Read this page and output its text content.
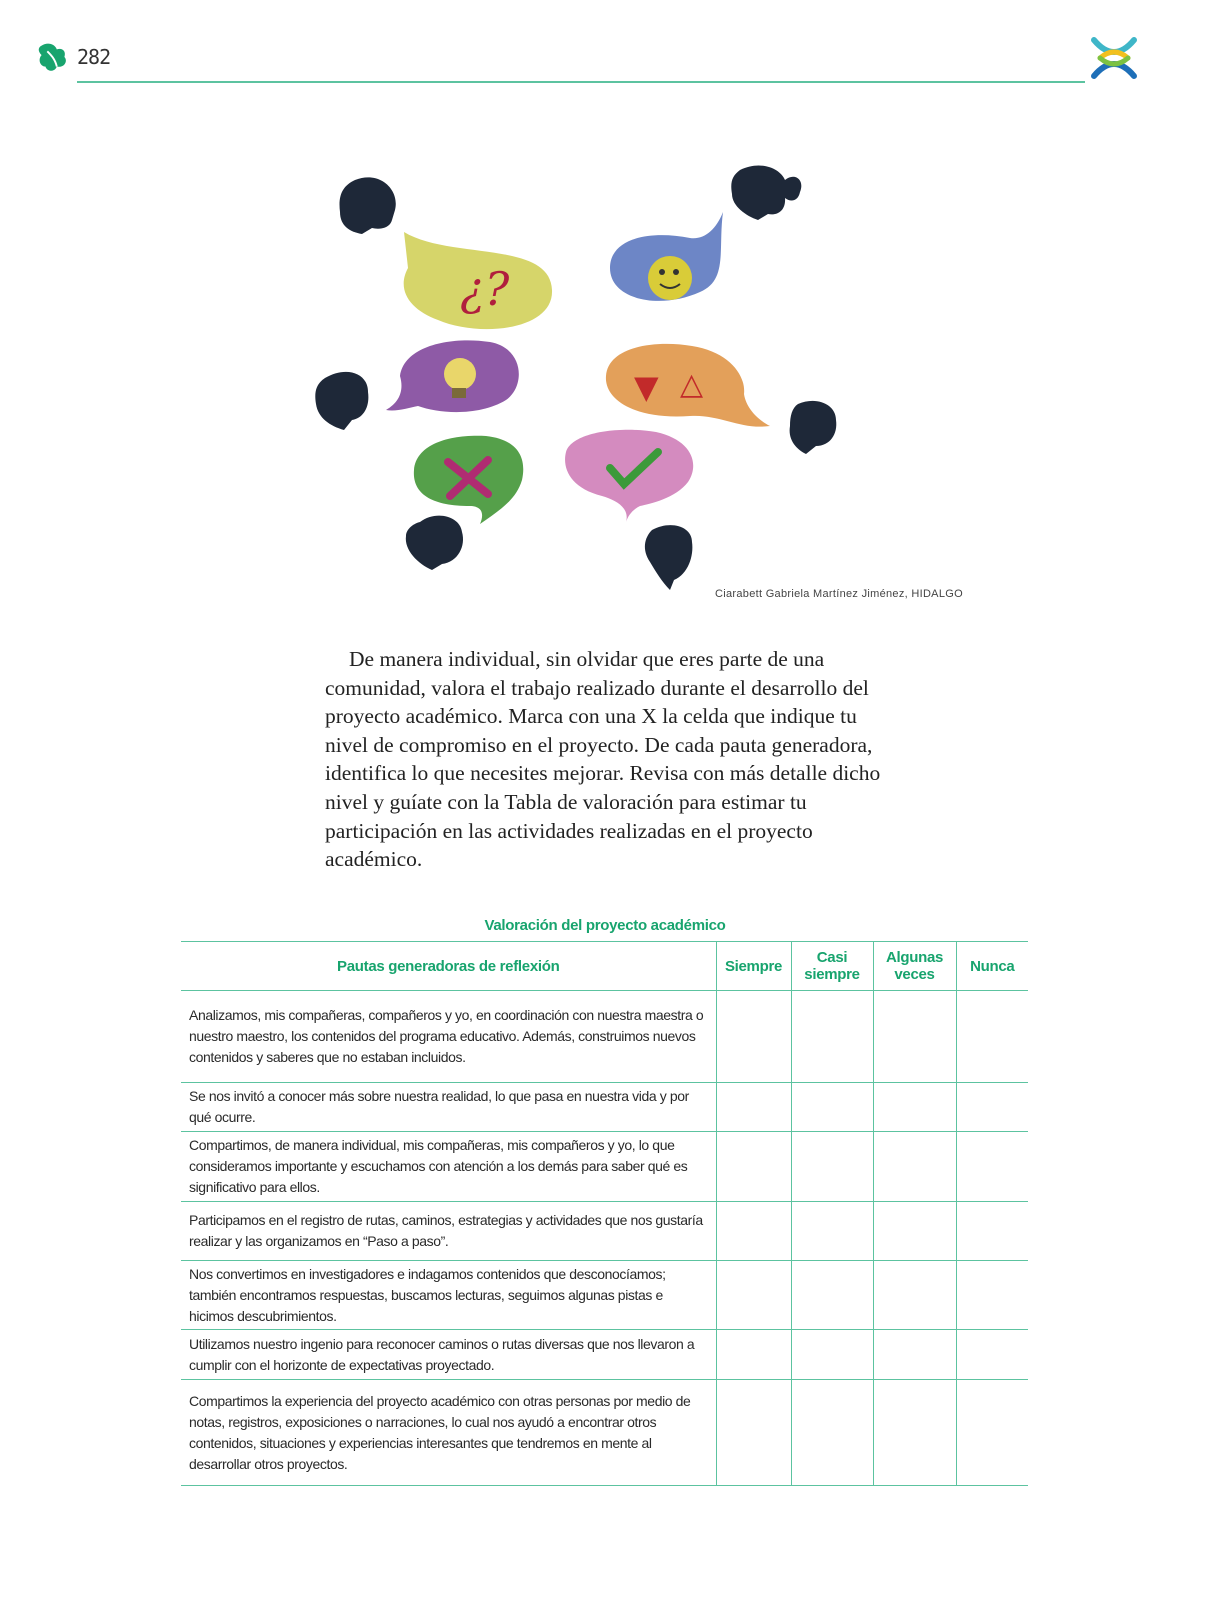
282
¿?
▼ △
Ciarabett Gabriela Martínez Jiménez, HIDALGO

De manera individual, sin olvidar que eres parte de una comunidad, valora el trabajo realizado durante el desarrollo del proyecto académico. Marca con una X la celda que indique tu nivel de compromiso en el proyecto. De cada pauta generadora, identifica lo que necesites mejorar. Revisa con más detalle dicho nivel y guíate con la Tabla de valoración para estimar tu participación en las actividades realizadas en el proyecto académico.

Valoración del proyecto académico
Pautas generadoras de reflexión	Siempre	Casi siempre	Algunas veces	Nunca
Analizamos, mis compañeras, compañeros y yo, en coordinación con nuestra maestra o nuestro maestro, los contenidos del programa educativo. Además, construimos nuevos contenidos y saberes que no estaban incluidos.				
Se nos invitó a conocer más sobre nuestra realidad, lo que pasa en nuestra vida y por qué ocurre.				
Compartimos, de manera individual, mis compañeras, mis compañeros y yo, lo que consideramos importante y escuchamos con atención a los demás para saber qué es significativo para ellos.				
Participamos en el registro de rutas, caminos, estrategias y actividades que nos gustaría realizar y las organizamos en “Paso a paso”.				
Nos convertimos en investigadores e indagamos contenidos que desconocíamos; también encontramos respuestas, buscamos lecturas, seguimos algunas pistas e hicimos descubrimientos.				
Utilizamos nuestro ingenio para reconocer caminos o rutas diversas que nos llevaron a cumplir con el horizonte de expectativas proyectado.				
Compartimos la experiencia del proyecto académico con otras personas por medio de notas, registros, exposiciones o narraciones, lo cual nos ayudó a encontrar otros contenidos, situaciones y experiencias interesantes que tendremos en mente al desarrollar otros proyectos.				
